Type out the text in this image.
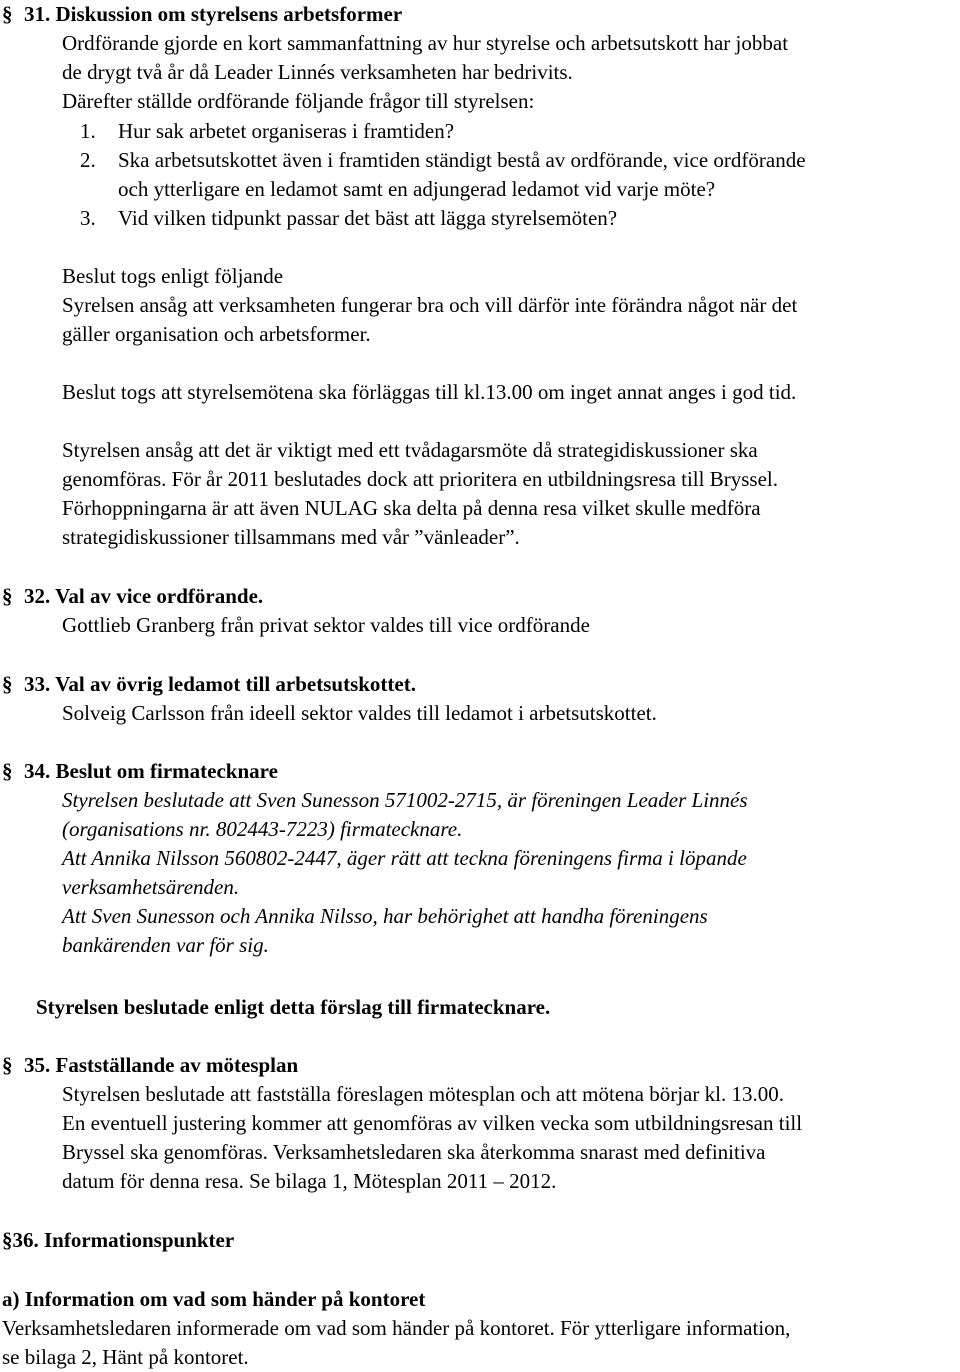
§ 31. Diskussion om styrelsens arbetsformer
Ordförande gjorde en kort sammanfattning av hur styrelse och arbetsutskott har jobbat
de drygt två år då Leader Linnés verksamheten har bedrivits.
Därefter ställde ordförande följande frågor till styrelsen:
1. Hur sak arbetet organiseras i framtiden?
2. Ska arbetsutskottet även i framtiden ständigt bestå av ordförande, vice ordförande
och ytterligare en ledamot samt en adjungerad ledamot vid varje möte?
3. Vid vilken tidpunkt passar det bäst att lägga styrelsemöten?
Beslut togs enligt följande
Syrelsen ansåg att verksamheten fungerar bra och vill därför inte förändra något när det
gäller organisation och arbetsformer.
Beslut togs att styrelsemötena ska förläggas till kl.13.00 om inget annat anges i god tid.
Styrelsen ansåg att det är viktigt med ett tvådagarsmöte då strategidiskussioner ska
genomföras. För år 2011 beslutades dock att prioritera en utbildningsresa till Bryssel.
Förhoppningarna är att även NULAG ska delta på denna resa vilket skulle medföra
strategidiskussioner tillsammans med vår ”vänleader”.
§ 32. Val av vice ordförande.
Gottlieb Granberg från privat sektor valdes till vice ordförande
§ 33. Val av övrig ledamot till arbetsutskottet.
Solveig Carlsson från ideell sektor valdes till ledamot i arbetsutskottet.
§ 34. Beslut om firmatecknare
Styrelsen beslutade att Sven Sunesson 571002-2715, är föreningen Leader Linnés
(organisations nr. 802443-7223) firmatecknare.
Att Annika Nilsson 560802-2447, äger rätt att teckna föreningens firma i löpande
verksamhetsärenden.
Att Sven Sunesson och Annika Nilsso, har behörighet att handha föreningens
bankärenden var för sig.
Styrelsen beslutade enligt detta förslag till firmatecknare.
§ 35. Fastställande av mötesplan
Styrelsen beslutade att fastställa föreslagen mötesplan och att mötena börjar kl. 13.00.
En eventuell justering kommer att genomföras av vilken vecka som utbildningsresan till
Bryssel ska genomföras. Verksamhetsledaren ska återkomma snarast med definitiva
datum för denna resa. Se bilaga 1, Mötesplan 2011 – 2012.
§36. Informationspunkter
a) Information om vad som händer på kontoret
Verksamhetsledaren informerade om vad som händer på kontoret. För ytterligare information,
se bilaga 2, Hänt på kontoret.
